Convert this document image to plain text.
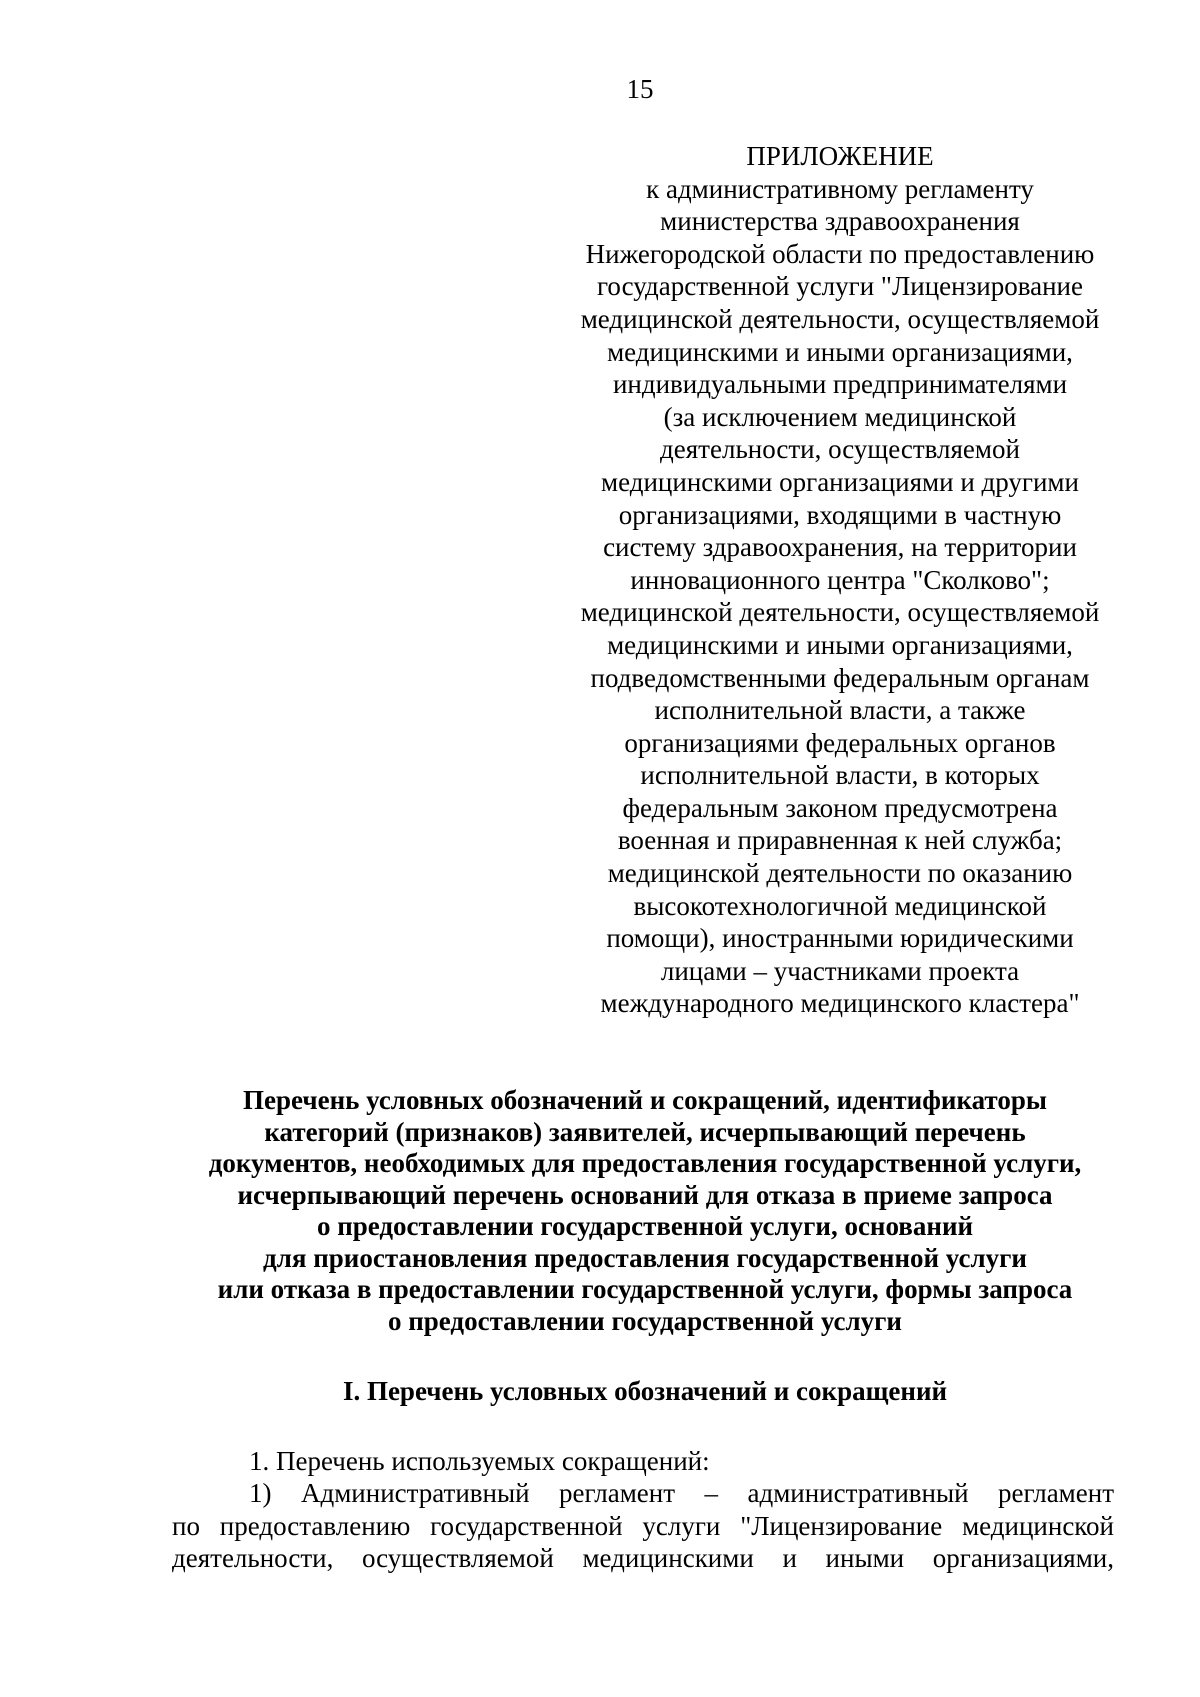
15
ПРИЛОЖЕНИЕ
к административному регламенту
министерства здравоохранения
Нижегородской области по предоставлению
государственной услуги "Лицензирование
медицинской деятельности, осуществляемой
медицинскими и иными организациями,
индивидуальными предпринимателями
(за исключением медицинской
деятельности, осуществляемой
медицинскими организациями и другими
организациями, входящими в частную
систему здравоохранения, на территории
инновационного центра "Сколково";
медицинской деятельности, осуществляемой
медицинскими и иными организациями,
подведомственными федеральным органам
исполнительной власти, а также
организациями федеральных органов
исполнительной власти, в которых
федеральным законом предусмотрена
военная и приравненная к ней служба;
медицинской деятельности по оказанию
высокотехнологичной медицинской
помощи), иностранными юридическими
лицами – участниками проекта
международного медицинского кластера"
Перечень условных обозначений и сокращений, идентификаторы
категорий (признаков) заявителей, исчерпывающий перечень
документов, необходимых для предоставления государственной услуги,
исчерпывающий перечень оснований для отказа в приеме запроса
о предоставлении государственной услуги, оснований
для приостановления предоставления государственной услуги
или отказа в предоставлении государственной услуги, формы запроса
о предоставлении государственной услуги
I. Перечень условных обозначений и сокращений
1. Перечень используемых сокращений:
1) Административный регламент – административный регламент
по предоставлению государственной услуги "Лицензирование медицинской
деятельности, осуществляемой медицинскими и иными организациями,
